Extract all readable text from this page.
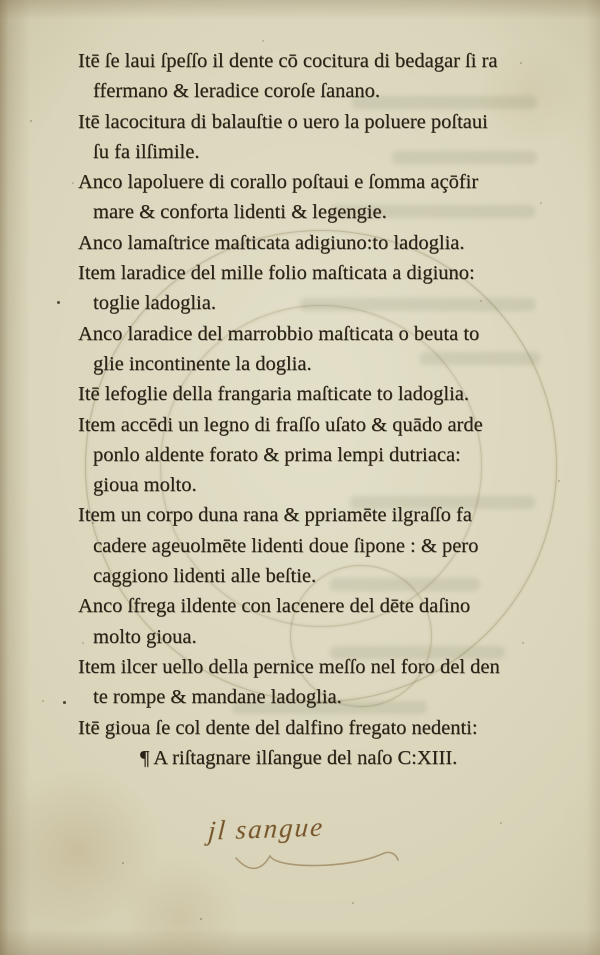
Itē ſe laui ſpeſſo il dente cō cocitura di bedagar ſi ra
ffermano & leradice coroſe ſanano.
Itē lacocitura di balauſtie o uero la poluere poſtaui
ſu fa ilſimile.
Anco lapoluere di corallo poſtaui e ſomma açōfir
mare & conforta lidenti & legengie.
Anco lamaſtrice maſticata adigiuno:to ladoglia.
Item laradice del mille folio maſticata a digiuno:
toglie ladoglia.
Anco laradice del marrobbio maſticata o beuta to
glie incontinente la doglia.
Itē lefoglie della frangaria maſticate to ladoglia.
Item accēdi un legno di fraſſo uſato & quādo arde
ponlo aldente forato & prima lempi dutriaca:
gioua molto.
Item un corpo duna rana & ppriamēte ilgraſſo fa
cadere ageuolmēte lidenti doue ſipone : & pero
caggiono lidenti alle beſtie.
Anco ſfrega ildente con lacenere del dēte daſino
molto gioua.
Item ilcer uello della pernice meſſo nel foro del den
te rompe & mandane ladoglia.
Itē gioua ſe col dente del dalfino fregato nedenti:
¶ A riſtagnare ilſangue del naſo C:XIII.
jl sangue
